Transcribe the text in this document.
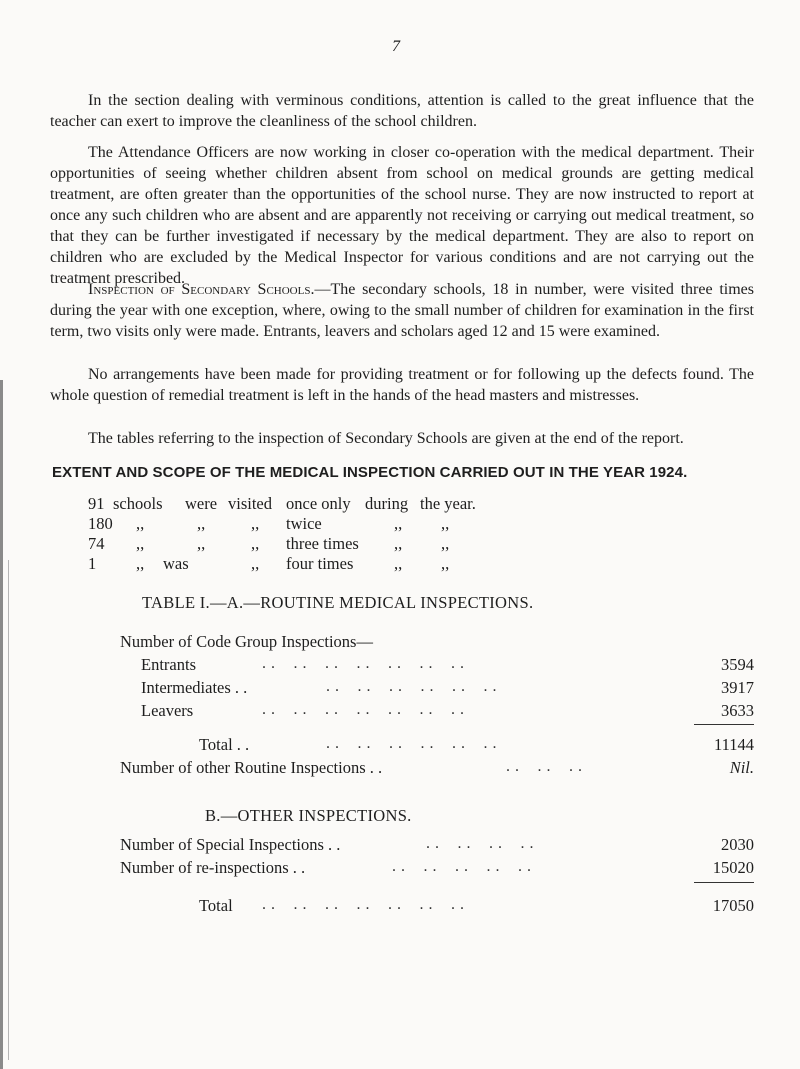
7

In the section dealing with verminous conditions, attention is called to the great influence that the teacher can exert to improve the cleanliness of the school children.

The Attendance Officers are now working in closer co-operation with the medical department. Their opportunities of seeing whether children absent from school on medical grounds are getting medical treatment, are often greater than the opportunities of the school nurse. They are now instructed to report at once any such children who are absent and are apparently not receiving or carrying out medical treatment, so that they can be further investigated if necessary by the medical department. They are also to report on children who are excluded by the Medical Inspector for various conditions and are not carrying out the treatment prescribed.

Inspection of Secondary Schools.—The secondary schools, 18 in number, were visited three times during the year with one exception, where, owing to the small number of children for examination in the first term, two visits only were made. Entrants, leavers and scholars aged 12 and 15 were examined.

No arrangements have been made for providing treatment or for following up the defects found. The whole question of remedial treatment is left in the hands of the head masters and mistresses.

The tables referring to the inspection of Secondary Schools are given at the end of the report.

EXTENT AND SCOPE OF THE MEDICAL INSPECTION CARRIED OUT IN THE YEAR 1924.
91 schools were visited once only during the year.
180 ,,	,,	,, twice	,, ,,
74 ,,	,,	,, three times ,, ,,
1 ,, was	,, four times ,, ,,
TABLE I.—A.—ROUTINE MEDICAL INSPECTIONS.
Number of Code Group Inspections—
Entrants	. .    . .    . .    . .    . .    . .    . .	3594
Intermediates . .	. .    . .    . .    . .    . .    . .	3917
Leavers	. .    . .    . .    . .    . .    . .    . .	3633
Total . .	. .    . .    . .    . .    . .    . .	11144
Number of other Routine Inspections . .	. .    . .    . .	Nil.
B.—OTHER INSPECTIONS.
Number of Special Inspections . .	. .    . .    . .    . .	2030
Number of re-inspections . .	. .    . .    . .    . .    . .	15020
Total . .    . .    . .    . .    . .    . .    . .	17050
